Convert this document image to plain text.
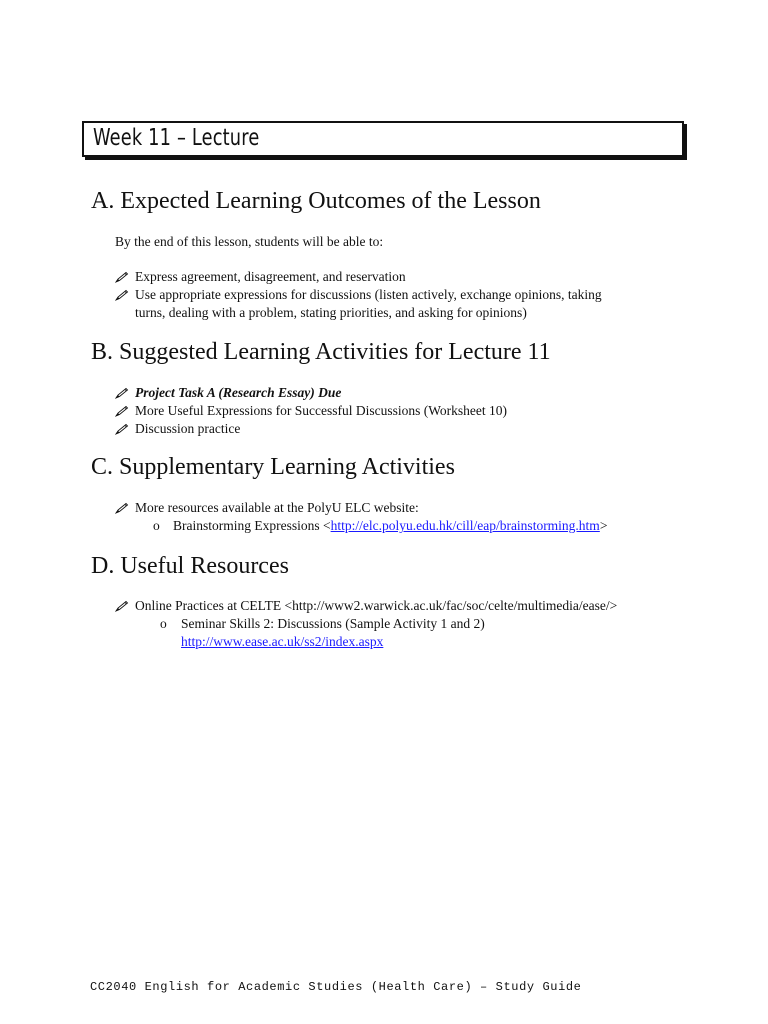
Week 11 – Lecture
A. Expected Learning Outcomes of the Lesson
By the end of this lesson, students will be able to:
Express agreement, disagreement, and reservation
Use appropriate expressions for discussions (listen actively, exchange opinions, taking
turns, dealing with a problem, stating priorities, and asking for opinions)
B. Suggested Learning Activities for Lecture 11
Project Task A (Research Essay) Due
More Useful Expressions for Successful Discussions (Worksheet 10)
Discussion practice
C. Supplementary Learning Activities
More resources available at the PolyU ELC website:
o Brainstorming Expressions <http://elc.polyu.edu.hk/cill/eap/brainstorming.htm>
D. Useful Resources
Online Practices at CELTE <http://www2.warwick.ac.uk/fac/soc/celte/multimedia/ease/>
o Seminar Skills 2: Discussions (Sample Activity 1 and 2)
http://www.ease.ac.uk/ss2/index.aspx
CC2040 English for Academic Studies (Health Care) – Study Guide
